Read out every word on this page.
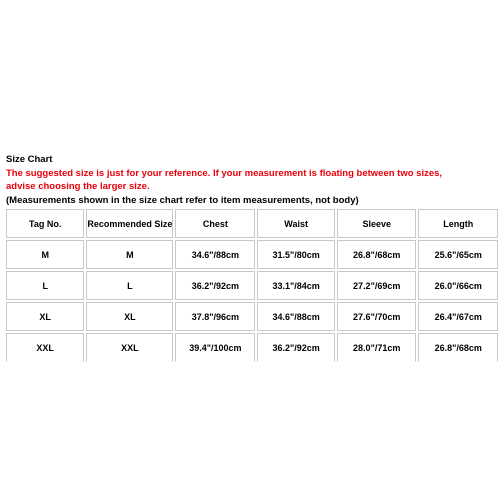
Size Chart
The suggested size is just for your reference. If your measurement is floating between two sizes,
advise choosing the larger size.
(Measurements shown in the size chart refer to item measurements, not body)
Tag No.	Recommended Size	Chest	Waist	Sleeve	Length
M	M	34.6"/88cm	31.5"/80cm	26.8"/68cm	25.6"/65cm
L	L	36.2"/92cm	33.1"/84cm	27.2"/69cm	26.0"/66cm
XL	XL	37.8"/96cm	34.6"/88cm	27.6"/70cm	26.4"/67cm
XXL	XXL	39.4"/100cm	36.2"/92cm	28.0"/71cm	26.8"/68cm
